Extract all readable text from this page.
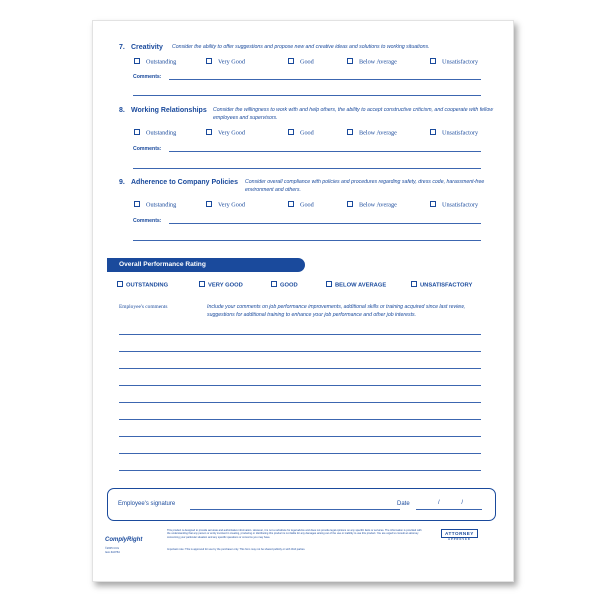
7. Creativity Consider the ability to offer suggestions and propose new and creative ideas and solutions to working situations.
Outstanding	Very Good	Good	Below Average	Unsatisfactory
Comments:
8. Working Relationships Consider the willingness to work with and help others, the ability to accept constructive criticism, and cooperate with fellow employees and supervisors.
Outstanding	Very Good	Good	Below Average	Unsatisfactory
Comments:
9. Adherence to Company Policies Consider overall compliance with policies and procedures regarding safety, dress code, harassment-free environment and others.
Outstanding	Very Good	Good	Below Average	Unsatisfactory
Comments:
Overall Performance Rating
OUTSTANDING	VERY GOOD	GOOD	BELOW AVERAGE	UNSATISFACTORY
Employee's comments	Include your comments on job performance improvements, additional skills or training acquired since last review, suggestions for additional training to enhance your job performance and other job interests.
Employee's signature	Date	/ /
ComplyRight
©2005 CCG
Item #A0764
This product is designed to provide accurate and authoritative information. However, it is not a substitute for legal advice and does not provide legal opinions on any specific facts or services. The information is provided with the understanding that any person or entity involved in creating, producing or distributing this product is not liable for any damages arising out of the use or inability to use this product. You are urged to consult an attorney concerning your particular situation and any specific questions or concerns you may have.
Important note: This is approved for use by the purchaser only. This form may not be shared publicly or with third parties.
ATTORNEY
APPROVED
